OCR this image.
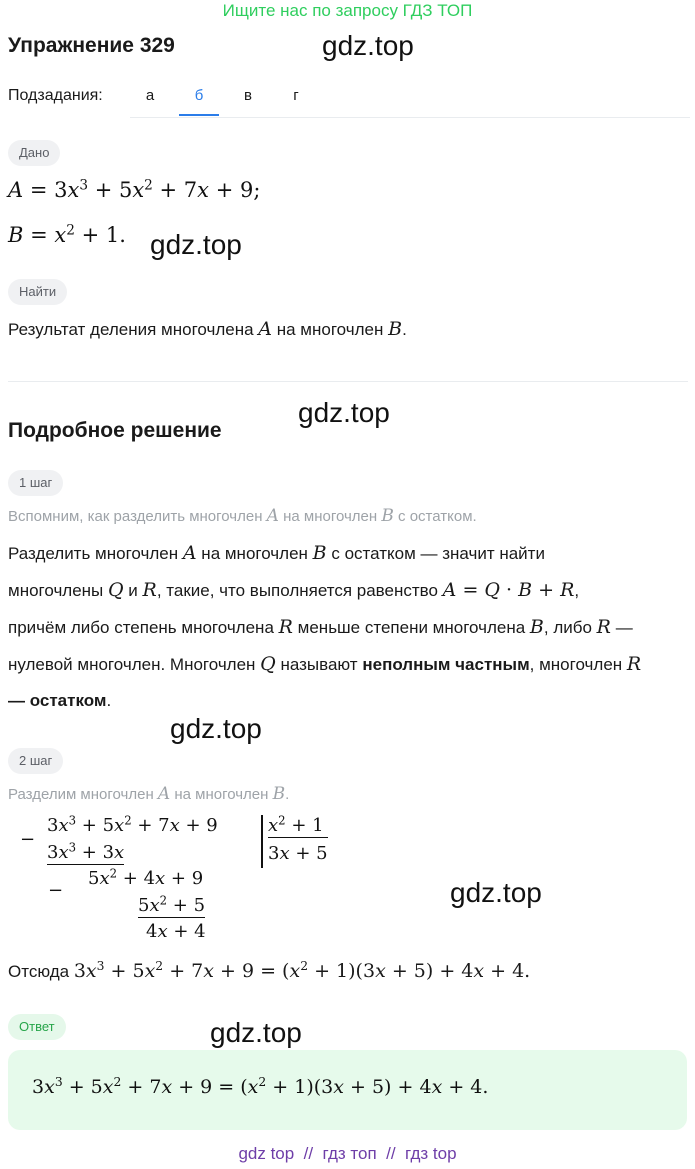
Ищите нас по запросу ГДЗ ТОП
Упражнение 329	gdz.top
Подзадания:	а	б	в	г
Дано
$A = 3x^3 + 5x^2 + 7x + 9$;
$B = x^2 + 1$. gdz.top
Найти
Результат деления многочлена A на многочлен B.
gdz.top
Подробное решение
1 шаг
Вспомним, как разделить многочлен A на многочлен B с остатком.
Разделить многочлен A на многочлен B с остатком — значит найти
многочлены Q и R, такие, что выполняется равенство A = Q · B + R,
причём либо степень многочлена R меньше степени многочлена B, либо R —
нулевой многочлен. Многочлен Q называют неполным частным, многочлен R
— остатком.
gdz.top
2 шаг
Разделим многочлен A на многочлен B.
−
$3x^3 + 5x^2 + 7x + 9$
$3x^3 + 3x$
−
$5x^2 + 4x + 9$
$5x^2 + 5$
4x + 4
$x^2 + 1$
3x + 5
gdz.top
Отсюда $3x^3 + 5x^2 + 7x + 9 = (x^2 + 1)(3x + 5) + 4x + 4$.
Ответ	gdz.top
$3x^3 + 5x^2 + 7x + 9 = (x^2 + 1)(3x + 5) + 4x + 4$.
gdz top  //  гдз топ  //  гдз top
